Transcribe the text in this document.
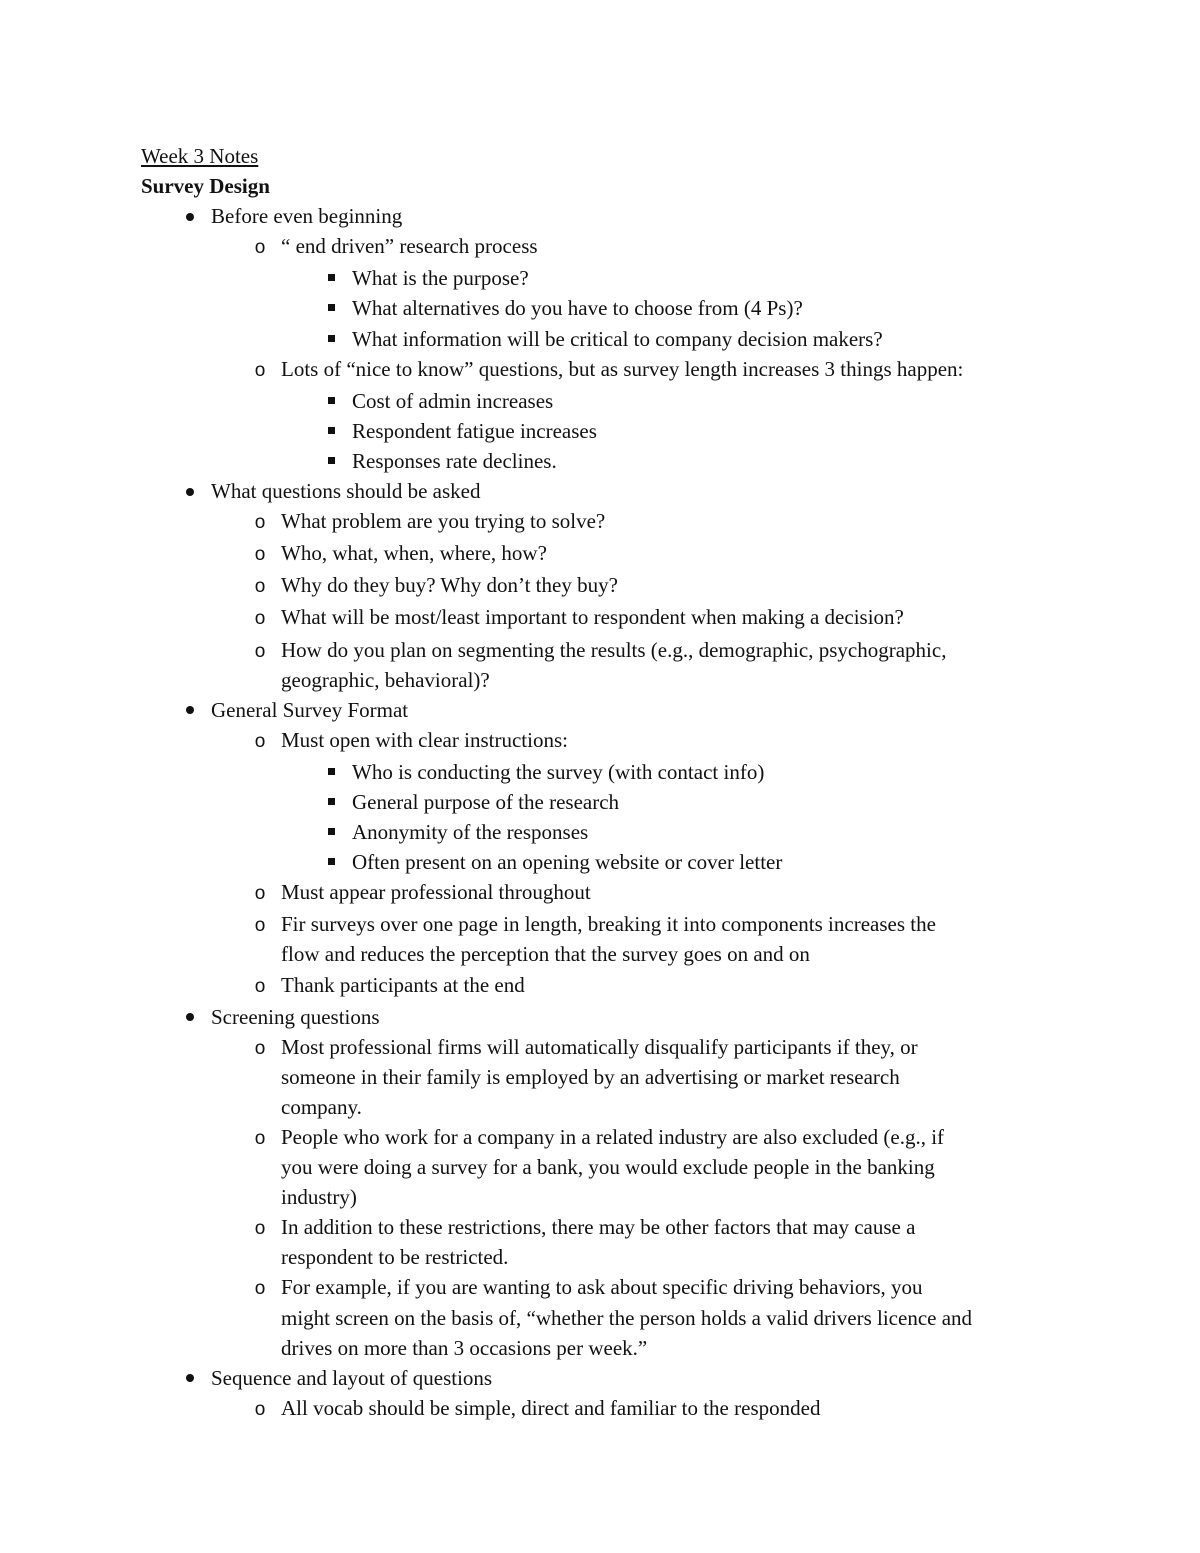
Week 3 Notes
Survey Design
Before even beginning
o “ end driven” research process
What is the purpose?
What alternatives do you have to choose from (4 Ps)?
What information will be critical to company decision makers?
o Lots of “nice to know” questions, but as survey length increases 3 things happen:
Cost of admin increases
Respondent fatigue increases
Responses rate declines.
What questions should be asked
o What problem are you trying to solve?
o Who, what, when, where, how?
o Why do they buy? Why don’t they buy?
o What will be most/least important to respondent when making a decision?
o How do you plan on segmenting the results (e.g., demographic, psychographic,
geographic, behavioral)?
General Survey Format
o Must open with clear instructions:
Who is conducting the survey (with contact info)
General purpose of the research
Anonymity of the responses
Often present on an opening website or cover letter
o Must appear professional throughout
o Fir surveys over one page in length, breaking it into components increases the
flow and reduces the perception that the survey goes on and on
o Thank participants at the end
Screening questions
o Most professional firms will automatically disqualify participants if they, or
someone in their family is employed by an advertising or market research
company.
o People who work for a company in a related industry are also excluded (e.g., if
you were doing a survey for a bank, you would exclude people in the banking
industry)
o In addition to these restrictions, there may be other factors that may cause a
respondent to be restricted.
o For example, if you are wanting to ask about specific driving behaviors, you
might screen on the basis of, “whether the person holds a valid drivers licence and
drives on more than 3 occasions per week.”
Sequence and layout of questions
o All vocab should be simple, direct and familiar to the responded
